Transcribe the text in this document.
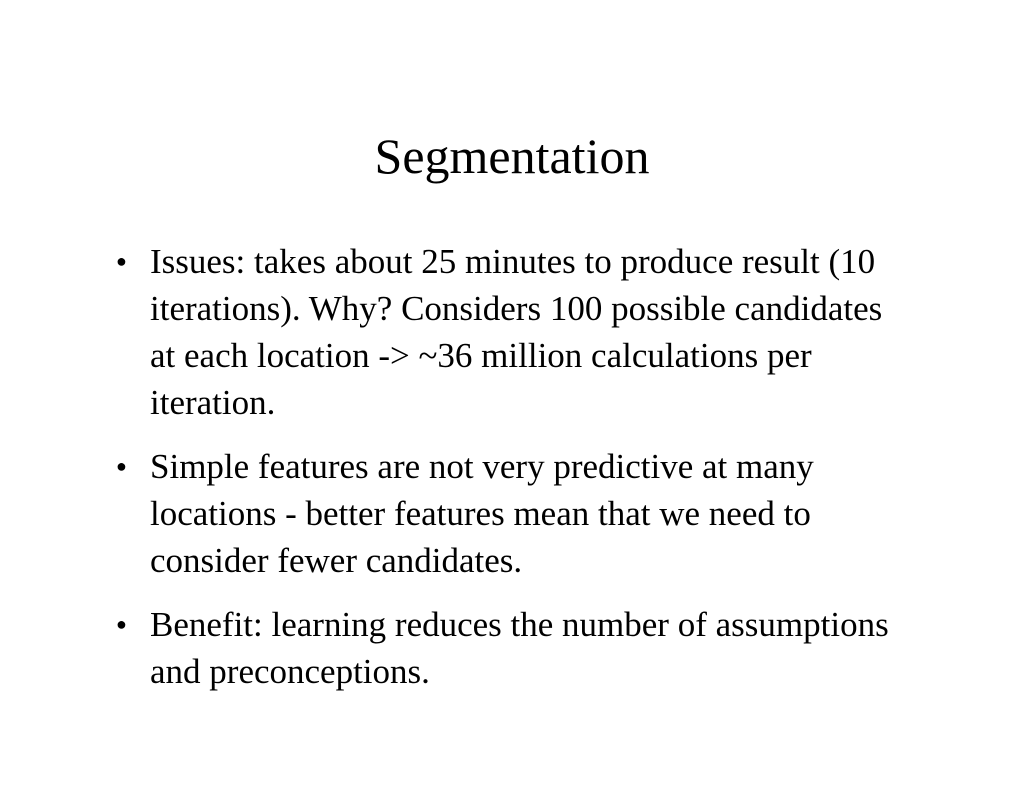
Segmentation
● Issues: takes about 25 minutes to produce result (10 iterations). Why? Considers 100 possible candidates at each location -> ~36 million calculations per iteration.
● Simple features are not very predictive at many locations - better features mean that we need to consider fewer candidates.
● Benefit: learning reduces the number of assumptions and preconceptions.
